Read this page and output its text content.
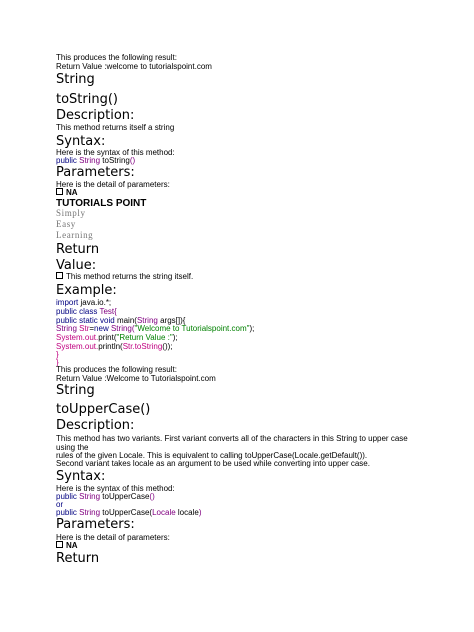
This produces the following result:

Return Value :welcome to tutorialspoint.com

String

toString()

Description:

This method returns itself a string

Syntax:

Here is the syntax of this method:

public String toString()

Parameters:

Here is the detail of parameters:

NA

TUTORIALS POINT

Simply

Easy

Learning

Return

Value:

This method returns the string itself.

Example:

import java.io.*;

public class Test{

public static void main(String args[]){

String Str=new String("Welcome to Tutorialspoint.com");

System.out.print("Return Value :");

System.out.println(Str.toString());

}

}

This produces the following result:

Return Value :Welcome to Tutorialspoint.com

String

toUpperCase()

Description:

This method has two variants. First variant converts all of the characters in this String to upper case using the

rules of the given Locale. This is equivalent to calling toUpperCase(Locale.getDefault()).

Second variant takes locale as an argument to be used while converting into upper case.

Syntax:

Here is the syntax of this method:

public String toUpperCase()

or

public String toUpperCase(Locale locale)

Parameters:

Here is the detail of parameters:

NA

Return
